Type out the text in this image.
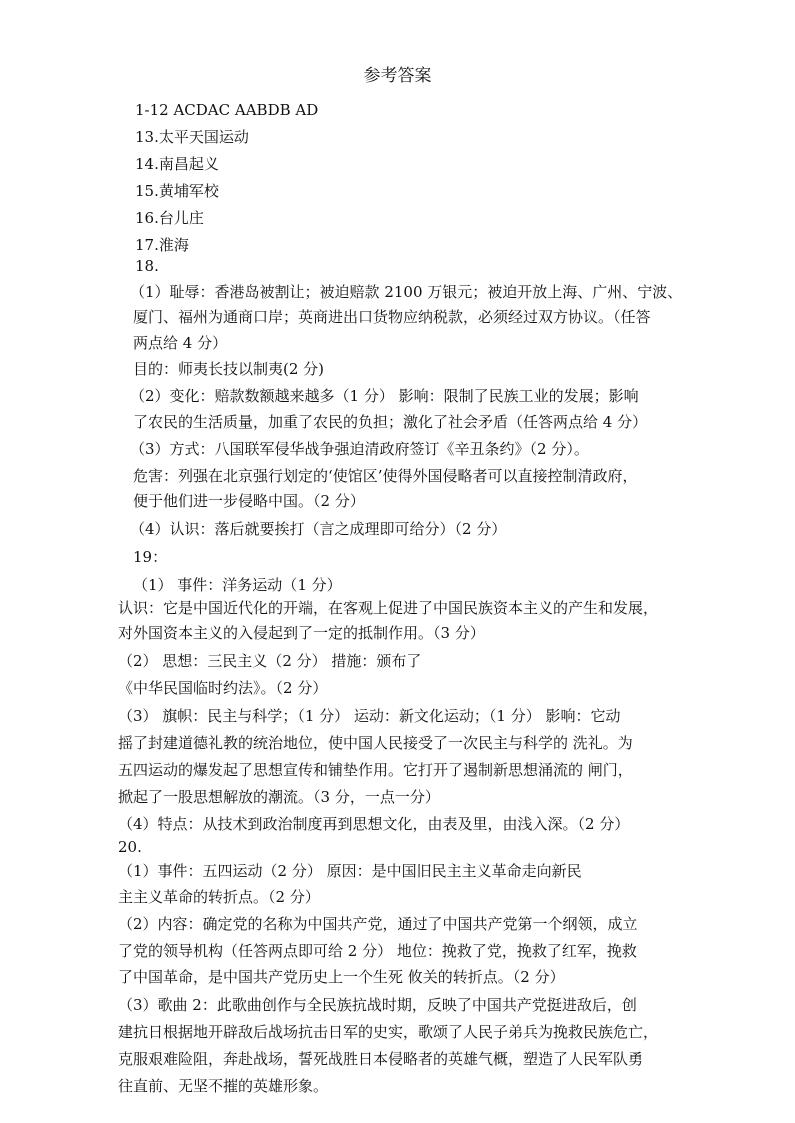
参考答案
1-12 ACDAC AABDB AD
13.太平天国运动
14.南昌起义
15.黄埔军校
16.台儿庄
17.淮海
18.
（1）耻辱：香港岛被割让；被迫赔款 2100 万银元；被迫开放上海、广州、宁波、
厦门、福州为通商口岸；英商进出口货物应纳税款，必须经过双方协议。（任答
两点给 4 分）
目的：师夷长技以制夷(2 分)
（2）变化：赔款数额越来越多（1 分） 影响：限制了民族工业的发展；影响
了农民的生活质量，加重了农民的负担；激化了社会矛盾（任答两点给 4 分）
（3）方式：八国联军侵华战争强迫清政府签订《辛丑条约》（2 分）。
危害：列强在北京强行划定的‘使馆区’使得外国侵略者可以直接控制清政府，
便于他们进一步侵略中国。（2 分）
（4）认识：落后就要挨打（言之成理即可给分）（2 分）
19：
（1） 事件：洋务运动（1 分）
认识：它是中国近代化的开端，在客观上促进了中国民族资本主义的产生和发展，
对外国资本主义的入侵起到了一定的抵制作用。（3 分）
（2） 思想：三民主义（2 分） 措施：颁布了
《中华民国临时约法》。（2 分）
（3） 旗帜：民主与科学；（1 分） 运动：新文化运动；（1 分） 影响：它动
摇了封建道德礼教的统治地位，使中国人民接受了一次民主与科学的 洗礼。为
五四运动的爆发起了思想宣传和铺垫作用。它打开了遏制新思想涌流的 闸门，
掀起了一股思想解放的潮流。（3 分，一点一分）
（4）特点：从技术到政治制度再到思想文化，由表及里，由浅入深。（2 分）
20.
（1）事件：五四运动（2 分） 原因：是中国旧民主主义革命走向新民
主主义革命的转折点。（2 分）
（2）内容：确定党的名称为中国共产党，通过了中国共产党第一个纲领，成立
了党的领导机构（任答两点即可给 2 分） 地位：挽救了党，挽救了红军，挽救
了中国革命，是中国共产党历史上一个生死 攸关的转折点。（2 分）
（3）歌曲 2：此歌曲创作与全民族抗战时期，反映了中国共产党挺进敌后，创
建抗日根据地开辟敌后战场抗击日军的史实，歌颂了人民子弟兵为挽救民族危亡，
克服艰难险阻，奔赴战场，誓死战胜日本侵略者的英雄气概，塑造了人民军队勇
往直前、无坚不摧的英雄形象。
